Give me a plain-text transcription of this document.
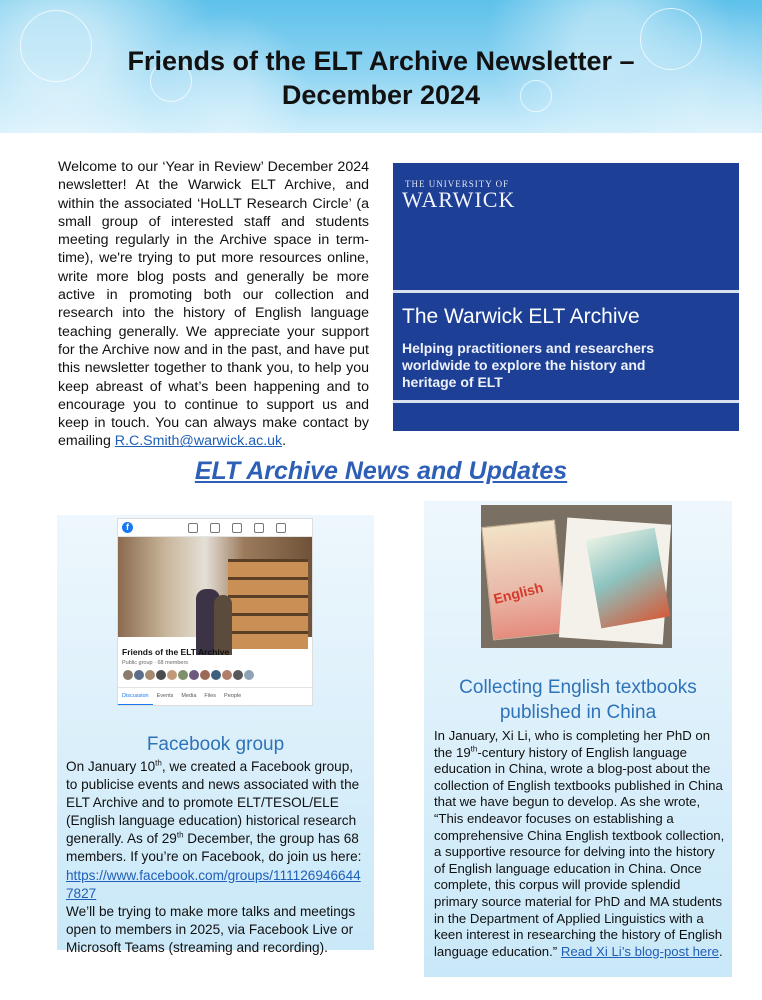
Friends of the ELT Archive Newsletter –
December 2024
Welcome to our ‘Year in Review’ December 2024 newsletter! At the Warwick ELT Archive, and within the associated ‘HoLLT Research Circle’ (a small group of interested staff and students meeting regularly in the Archive space in term-time), we're trying to put more resources online, write more blog posts and generally be more active in promoting both our collection and research into the history of English language teaching generally. We appreciate your support for the Archive now and in the past, and have put this newsletter together to thank you, to help you keep abreast of what’s been happening and to encourage you to continue to support us and keep in touch. You can always make contact by emailing R.C.Smith@warwick.ac.uk.
THE UNIVERSITY OF
WARWICK
The Warwick ELT Archive
Helping practitioners and researchers worldwide to explore the history and heritage of ELT
ELT Archive News and Updates
f
Friends of the ELT Archive
Public group · 68 members
Discussion	Events	Media	Files	People
Facebook group
On January 10th, we created a Facebook group, to publicise events and news associated with the ELT Archive and to promote ELT/TESOL/ELE (English language education) historical research generally. As of 29th December, the group has 68 members. If you’re on Facebook, do join us here: https://www.facebook.com/groups/1111269466447827
We’ll be trying to make more talks and meetings open to members in 2025, via Facebook Live or Microsoft Teams (streaming and recording).
English
Collecting English textbooks published in China
In January, Xi Li, who is completing her PhD on the 19th-century history of English language education in China, wrote a blog-post about the collection of English textbooks published in China that we have begun to develop. As she wrote, “This endeavor focuses on establishing a comprehensive China English textbook collection, a supportive resource for delving into the history of English language education in China. Once complete, this corpus will provide splendid primary source material for PhD and MA students in the Department of Applied Linguistics with a keen interest in researching the history of English language education.” Read Xi Li’s blog-post here.
